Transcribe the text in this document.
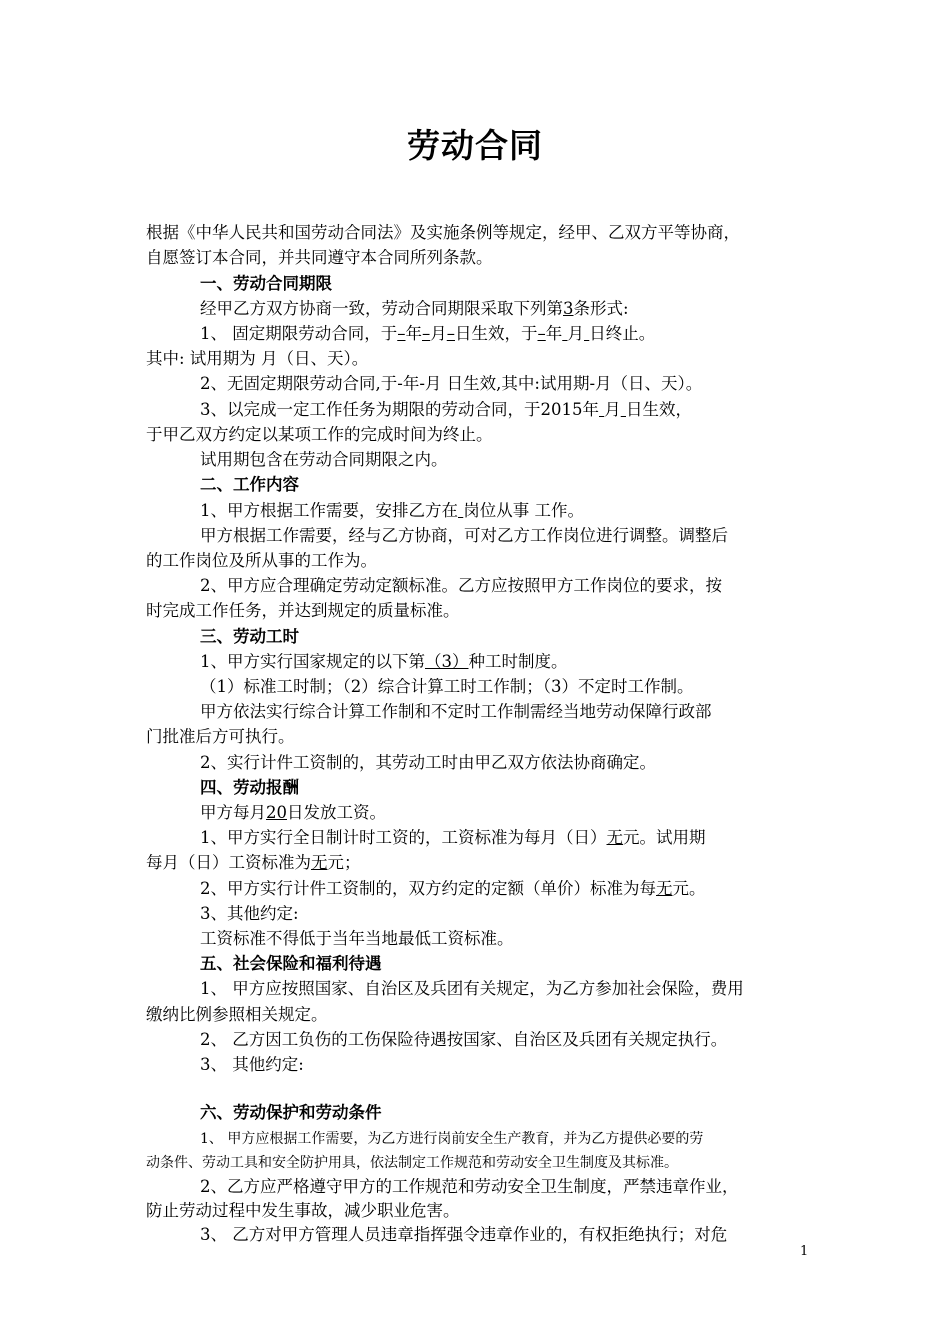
劳动合同
根据《中华人民共和国劳动合同法》及实施条例等规定，经甲、乙双方平等协商，
自愿签订本合同，并共同遵守本合同所列条款。
一、劳动合同期限
经甲乙方双方协商一致，劳动合同期限采取下列第3条形式:
1、 固定期限劳动合同，于–年–月–日生效，于–年 月 日终止。
其中: 试用期为 月（日、天）。
2、无固定期限劳动合同,于-年-月 日生效,其中:试用期-月（日、天）。
3、以完成一定工作任务为期限的劳动合同，于2015年 月 日生效，
于甲乙双方约定以某项工作的完成时间为终止。
试用期包含在劳动合同期限之内。
二、工作内容
1、甲方根据工作需要，安排乙方在 岗位从事 工作。
甲方根据工作需要，经与乙方协商，可对乙方工作岗位进行调整。调整后
的工作岗位及所从事的工作为。
2、甲方应合理确定劳动定额标准。乙方应按照甲方工作岗位的要求，按
时完成工作任务，并达到规定的质量标准。
三、劳动工时
1、甲方实行国家规定的以下第（3）种工时制度。
（1）标准工时制；（2）综合计算工时工作制；（3）不定时工作制。
甲方依法实行综合计算工作制和不定时工作制需经当地劳动保障行政部
门批准后方可执行。
2、实行计件工资制的，其劳动工时由甲乙双方依法协商确定。
四、劳动报酬
甲方每月20日发放工资。
1、甲方实行全日制计时工资的，工资标准为每月（日）无元。试用期
每月（日）工资标准为无元；
2、甲方实行计件工资制的，双方约定的定额（单价）标准为每无元。
3、其他约定:
工资标准不得低于当年当地最低工资标准。
五、社会保险和福利待遇
1、 甲方应按照国家、自治区及兵团有关规定，为乙方参加社会保险，费用
缴纳比例参照相关规定。
2、 乙方因工负伤的工伤保险待遇按国家、自治区及兵团有关规定执行。
3、 其他约定:
六、劳动保护和劳动条件
1、 甲方应根据工作需要，为乙方进行岗前安全生产教育，并为乙方提供必要的劳
动条件、劳动工具和安全防护用具，依法制定工作规范和劳动安全卫生制度及其标准。
2、乙方应严格遵守甲方的工作规范和劳动安全卫生制度，严禁违章作业，
防止劳动过程中发生事故，减少职业危害。
3、 乙方对甲方管理人员违章指挥强令违章作业的，有权拒绝执行；对危
1
